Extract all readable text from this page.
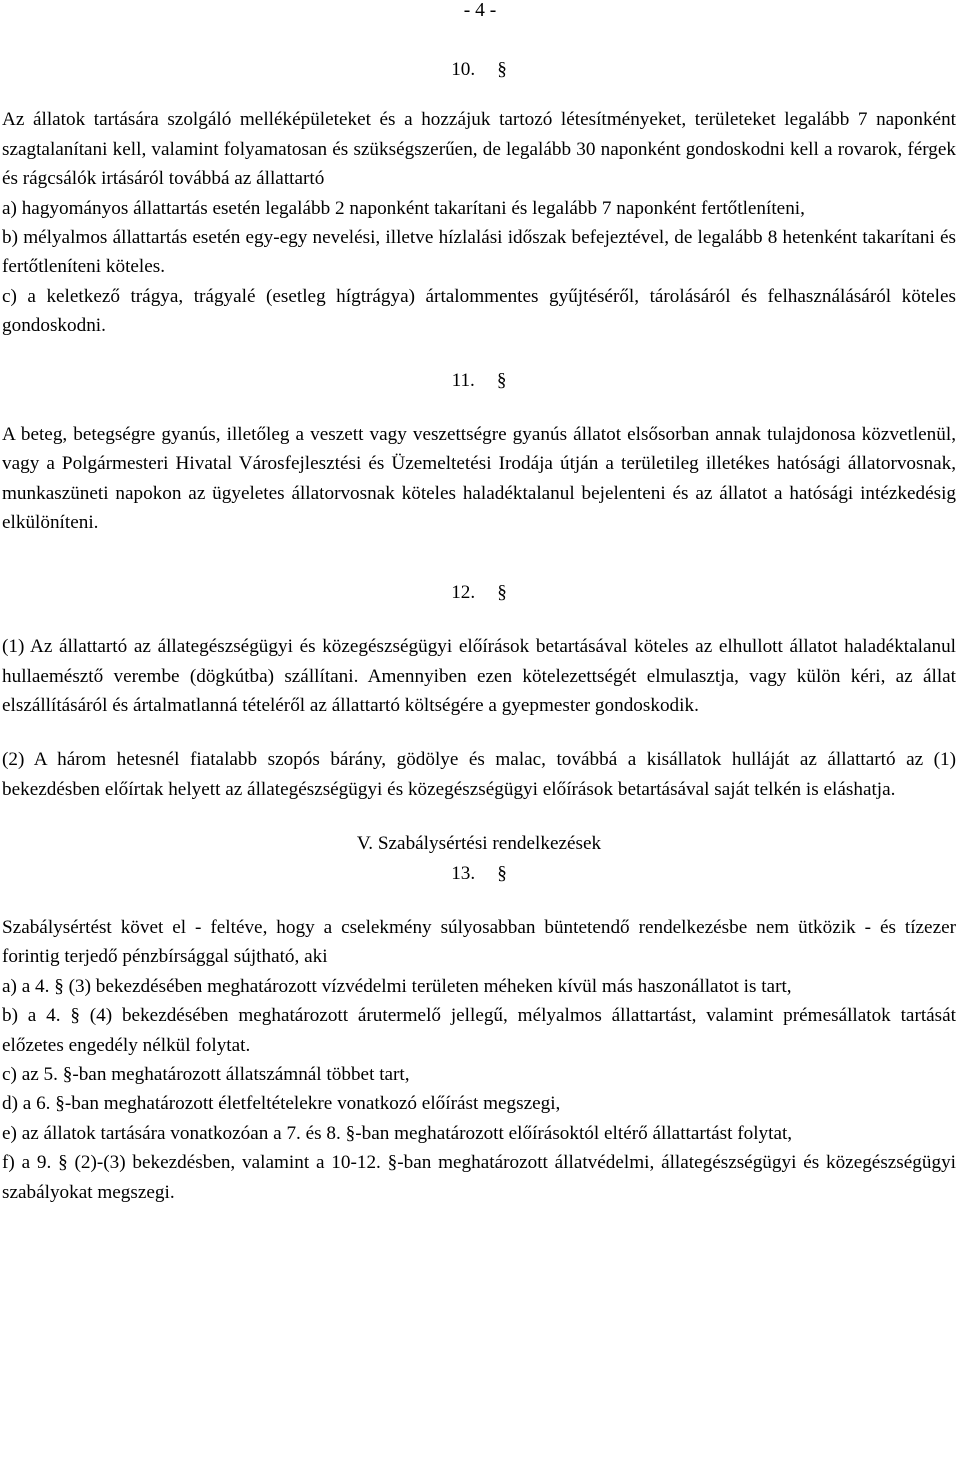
- 4 -

10. §

Az állatok tartására szolgáló melléképületeket és a hozzájuk tartozó létesítményeket, területeket legalább 7 naponként szagtalanítani kell, valamint folyamatosan és szükségszerűen, de legalább 30 naponként gondoskodni kell a rovarok, férgek és rágcsálók irtásáról továbbá az állattartó

a) hagyományos állattartás esetén legalább 2 naponként takarítani és legalább 7 naponként fertőtleníteni,

b) mélyalmos állattartás esetén egy-egy nevelési, illetve hízlalási időszak befejeztével, de legalább 8 hetenként takarítani és fertőtleníteni köteles.

c) a keletkező trágya, trágyalé (esetleg hígtrágya) ártalommentes gyűjtéséről, tárolásáról és felhasználásáról köteles gondoskodni.

11. §

A beteg, betegségre gyanús, illetőleg a veszett vagy veszettségre gyanús állatot elsősorban annak tulajdonosa közvetlenül, vagy a Polgármesteri Hivatal Városfejlesztési és Üzemeltetési Irodája útján a területileg illetékes hatósági állatorvosnak, munkaszüneti napokon az ügyeletes állatorvosnak köteles haladéktalanul bejelenteni és az állatot a hatósági intézkedésig elkülöníteni.

12. §

(1) Az állattartó az állategészségügyi és közegészségügyi előírások betartásával köteles az elhullott állatot haladéktalanul hullaemésztő verembe (dögkútba) szállítani. Amennyiben ezen kötelezettségét elmulasztja, vagy külön kéri, az állat elszállításáról és ártalmatlanná tételéről az állattartó költségére a gyepmester gondoskodik.

(2) A három hetesnél fiatalabb szopós bárány, gödölye és malac, továbbá a kisállatok hulláját az állattartó az (1) bekezdésben előírtak helyett az állategészségügyi és közegészségügyi előírások betartásával saját telkén is eláshatja.

V. Szabálysértési rendelkezések

13. §

Szabálysértést követ el - feltéve, hogy a cselekmény súlyosabban büntetendő rendelkezésbe nem ütközik - és tízezer forintig terjedő pénzbírsággal sújtható, aki

a) a 4. § (3) bekezdésében meghatározott vízvédelmi területen méheken kívül más haszonállatot is tart,

b) a 4. § (4) bekezdésében meghatározott árutermelő jellegű, mélyalmos állattartást, valamint prémesállatok tartását előzetes engedély nélkül folytat.

c) az 5. §-ban meghatározott állatszámnál többet tart,

d) a 6. §-ban meghatározott életfeltételekre vonatkozó előírást megszegi,

e) az állatok tartására vonatkozóan a 7. és 8. §-ban meghatározott előírásoktól eltérő állattartást folytat,

f) a 9. § (2)-(3) bekezdésben, valamint a 10-12. §-ban meghatározott állatvédelmi, állategészségügyi és közegészségügyi szabályokat megszegi.
